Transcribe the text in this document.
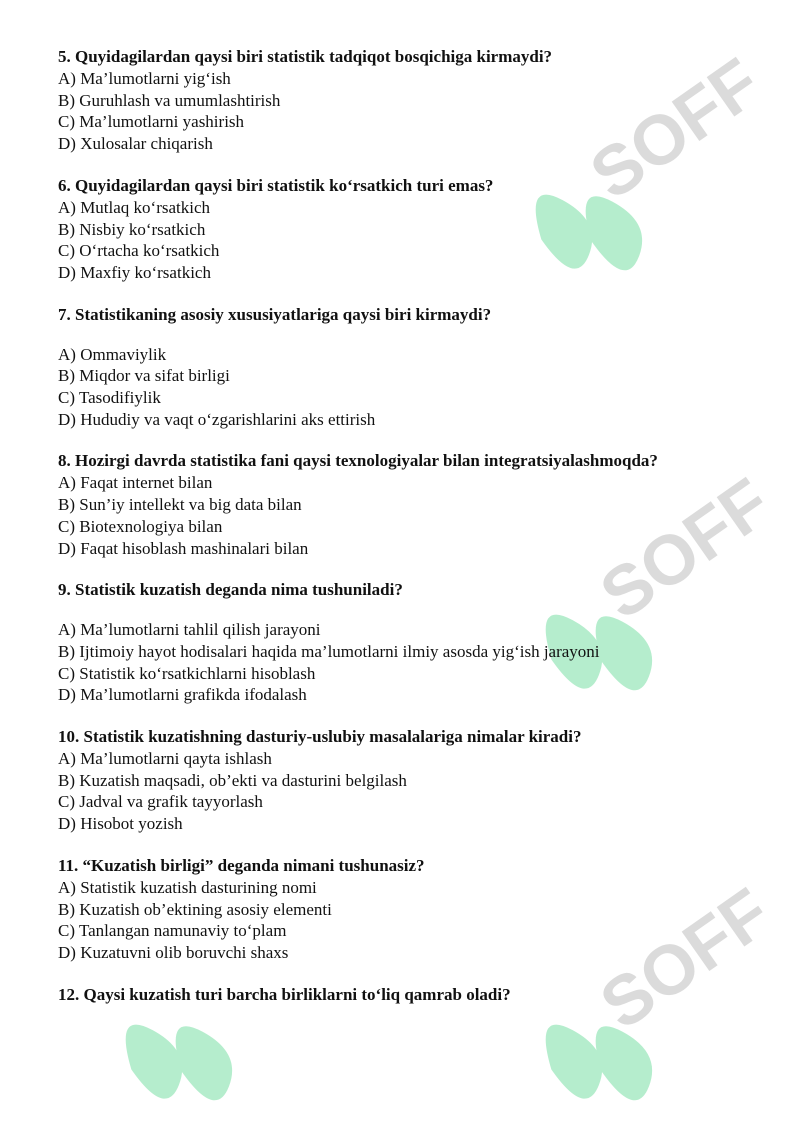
SOFF
SOFF
SOFF

5. Quyidagilardan qaysi biri statistik tadqiqot bosqichiga kirmaydi?

A) Ma’lumotlarni yig‘ish
B) Guruhlash va umumlashtirish
C) Ma’lumotlarni yashirish
D) Xulosalar chiqarish

6. Quyidagilardan qaysi biri statistik ko‘rsatkich turi emas?

A) Mutlaq ko‘rsatkich
B) Nisbiy ko‘rsatkich
C) O‘rtacha ko‘rsatkich
D) Maxfiy ko‘rsatkich

7. Statistikaning asosiy xususiyatlariga qaysi biri kirmaydi?

A) Ommaviylik
B) Miqdor va sifat birligi
C) Tasodifiylik
D) Hududiy va vaqt o‘zgarishlarini aks ettirish

8. Hozirgi davrda statistika fani qaysi texnologiyalar bilan integratsiyalashmoqda?

A) Faqat internet bilan
B) Sun’iy intellekt va big data bilan
C) Biotexnologiya bilan
D) Faqat hisoblash mashinalari bilan

9. Statistik kuzatish deganda nima tushuniladi?

A) Ma’lumotlarni tahlil qilish jarayoni
B) Ijtimoiy hayot hodisalari haqida ma’lumotlarni ilmiy asosda yig‘ish jarayoni
C) Statistik ko‘rsatkichlarni hisoblash
D) Ma’lumotlarni grafikda ifodalash

10. Statistik kuzatishning dasturiy-uslubiy masalalariga nimalar kiradi?

A) Ma’lumotlarni qayta ishlash
B) Kuzatish maqsadi, ob’ekti va dasturini belgilash
C) Jadval va grafik tayyorlash
D) Hisobot yozish

11. “Kuzatish birligi” deganda nimani tushunasiz?

A) Statistik kuzatish dasturining nomi
B) Kuzatish ob’ektining asosiy elementi
C) Tanlangan namunaviy to‘plam
D) Kuzatuvni olib boruvchi shaxs

12. Qaysi kuzatish turi barcha birliklarni to‘liq qamrab oladi?
